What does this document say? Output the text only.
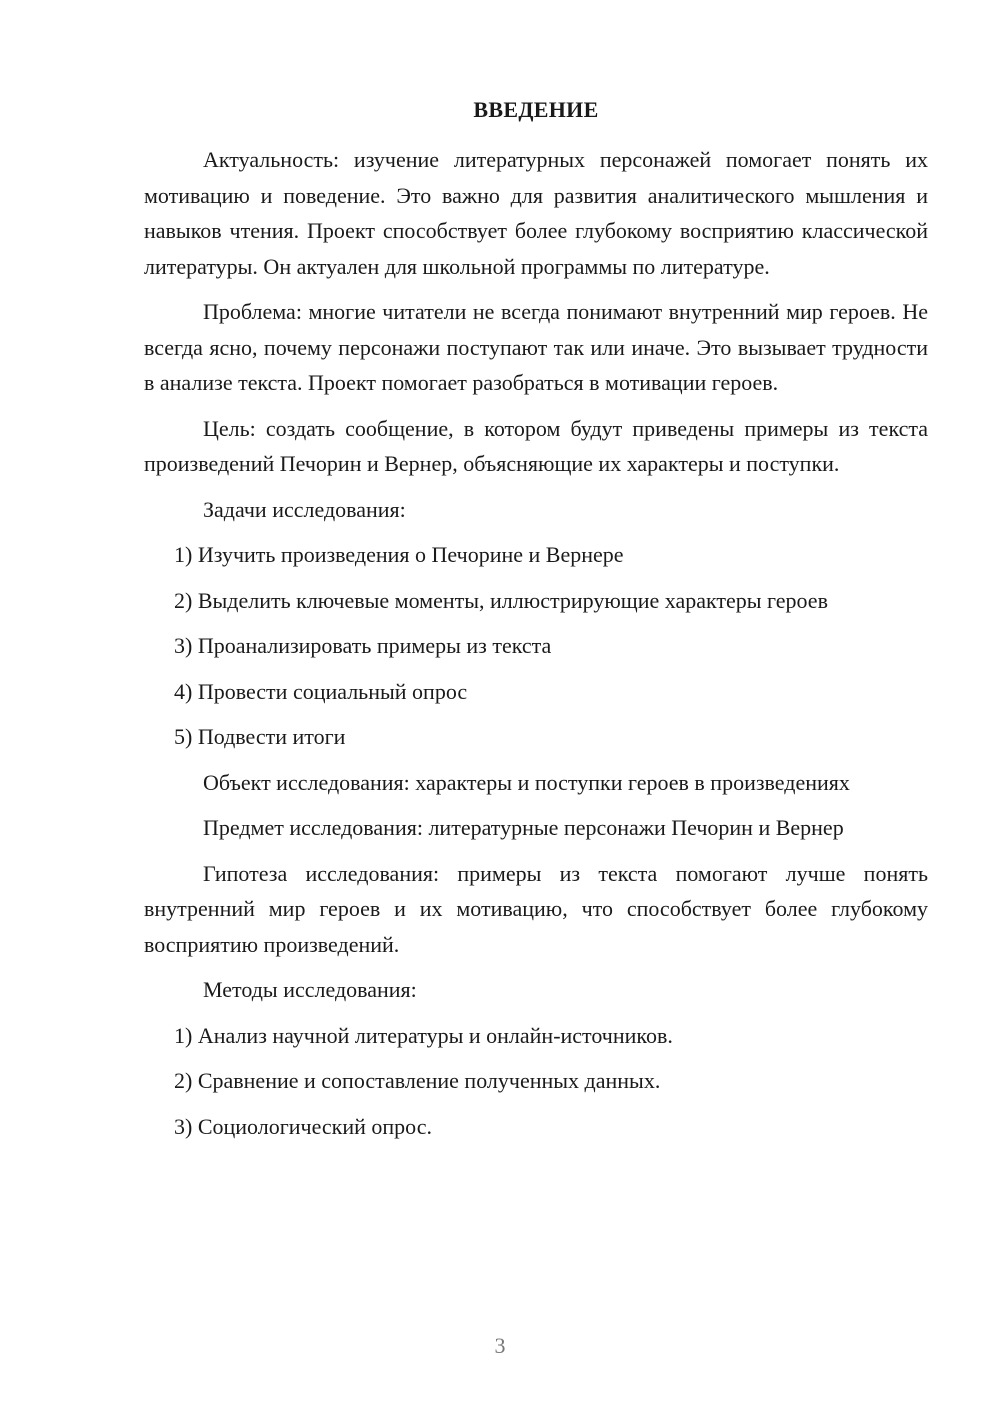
ВВЕДЕНИЕ

Актуальность: изучение литературных персонажей помогает понять их мотивацию и поведение. Это важно для развития аналитического мышления и навыков чтения. Проект способствует более глубокому восприятию классической литературы. Он актуален для школьной программы по литературе.

Проблема: многие читатели не всегда понимают внутренний мир героев. Не всегда ясно, почему персонажи поступают так или иначе. Это вызывает трудности в анализе текста. Проект помогает разобраться в мотивации героев.

Цель: создать сообщение, в котором будут приведены примеры из текста произведений Печорин и Вернер, объясняющие их характеры и поступки.

Задачи исследования:

1) Изучить произведения о Печорине и Вернере

2) Выделить ключевые моменты, иллюстрирующие характеры героев

3) Проанализировать примеры из текста

4) Провести социальный опрос

5) Подвести итоги

Объект исследования: характеры и поступки героев в произведениях

Предмет исследования: литературные персонажи Печорин и Вернер

Гипотеза исследования: примеры из текста помогают лучше понять внутренний мир героев и их мотивацию, что способствует более глубокому восприятию произведений.

Методы исследования:

1) Анализ научной литературы и онлайн-источников.

2) Сравнение и сопоставление полученных данных.

3) Социологический опрос.

3
